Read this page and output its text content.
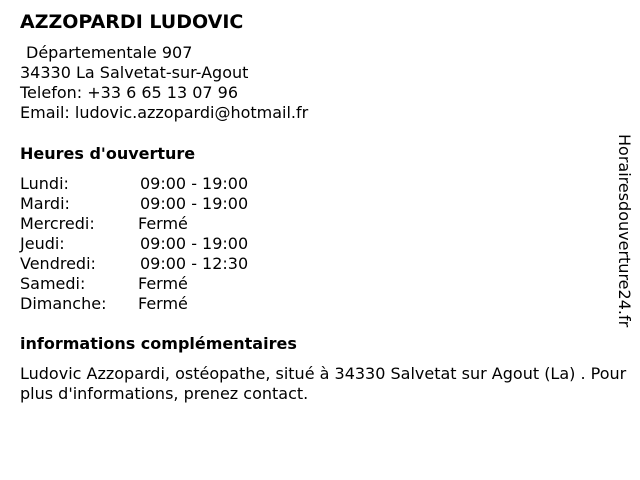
AZZOPARDI LUDOVIC
Départementale 907
34330 La Salvetat-sur-Agout
Telefon: +33 6 65 13 07 96
Email: ludovic.azzopardi@hotmail.fr
Heures d'ouverture
Lundi:	09:00 - 19:00
Mardi:	09:00 - 19:00
Mercredi:	Fermé
Jeudi:	09:00 - 19:00
Vendredi:	09:00 - 12:30
Samedi:	Fermé
Dimanche: Fermé
informations complémentaires
Ludovic Azzopardi, ostéopathe, situé à 34330 Salvetat sur Agout (La) . Pour plus d'informations, prenez contact.
Horairesdouverture24.fr
